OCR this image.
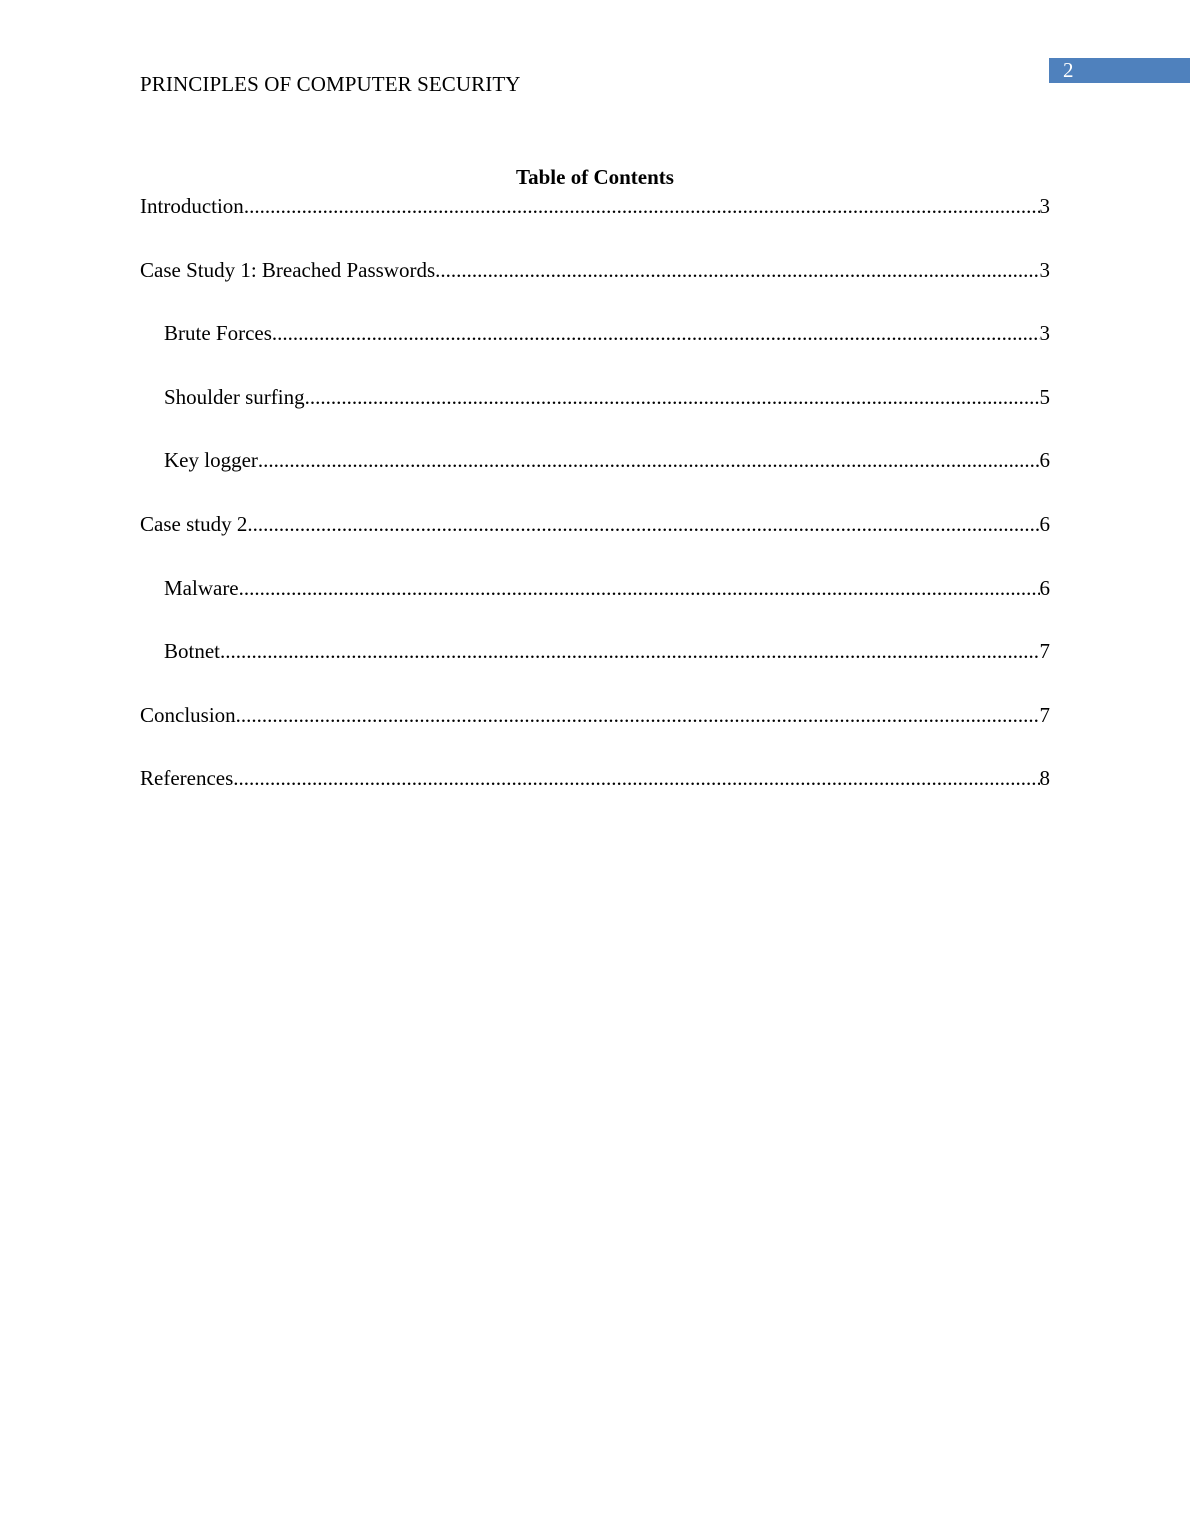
PRINCIPLES OF COMPUTER SECURITY
2
Table of Contents
Introduction .....	3
Case Study 1: Breached Passwords .....	3
Brute Forces .....	3
Shoulder surfing .....	5
Key logger .....	6
Case study 2 .....	6
Malware .....	6
Botnet .....	7
Conclusion .....	7
References .....	8
